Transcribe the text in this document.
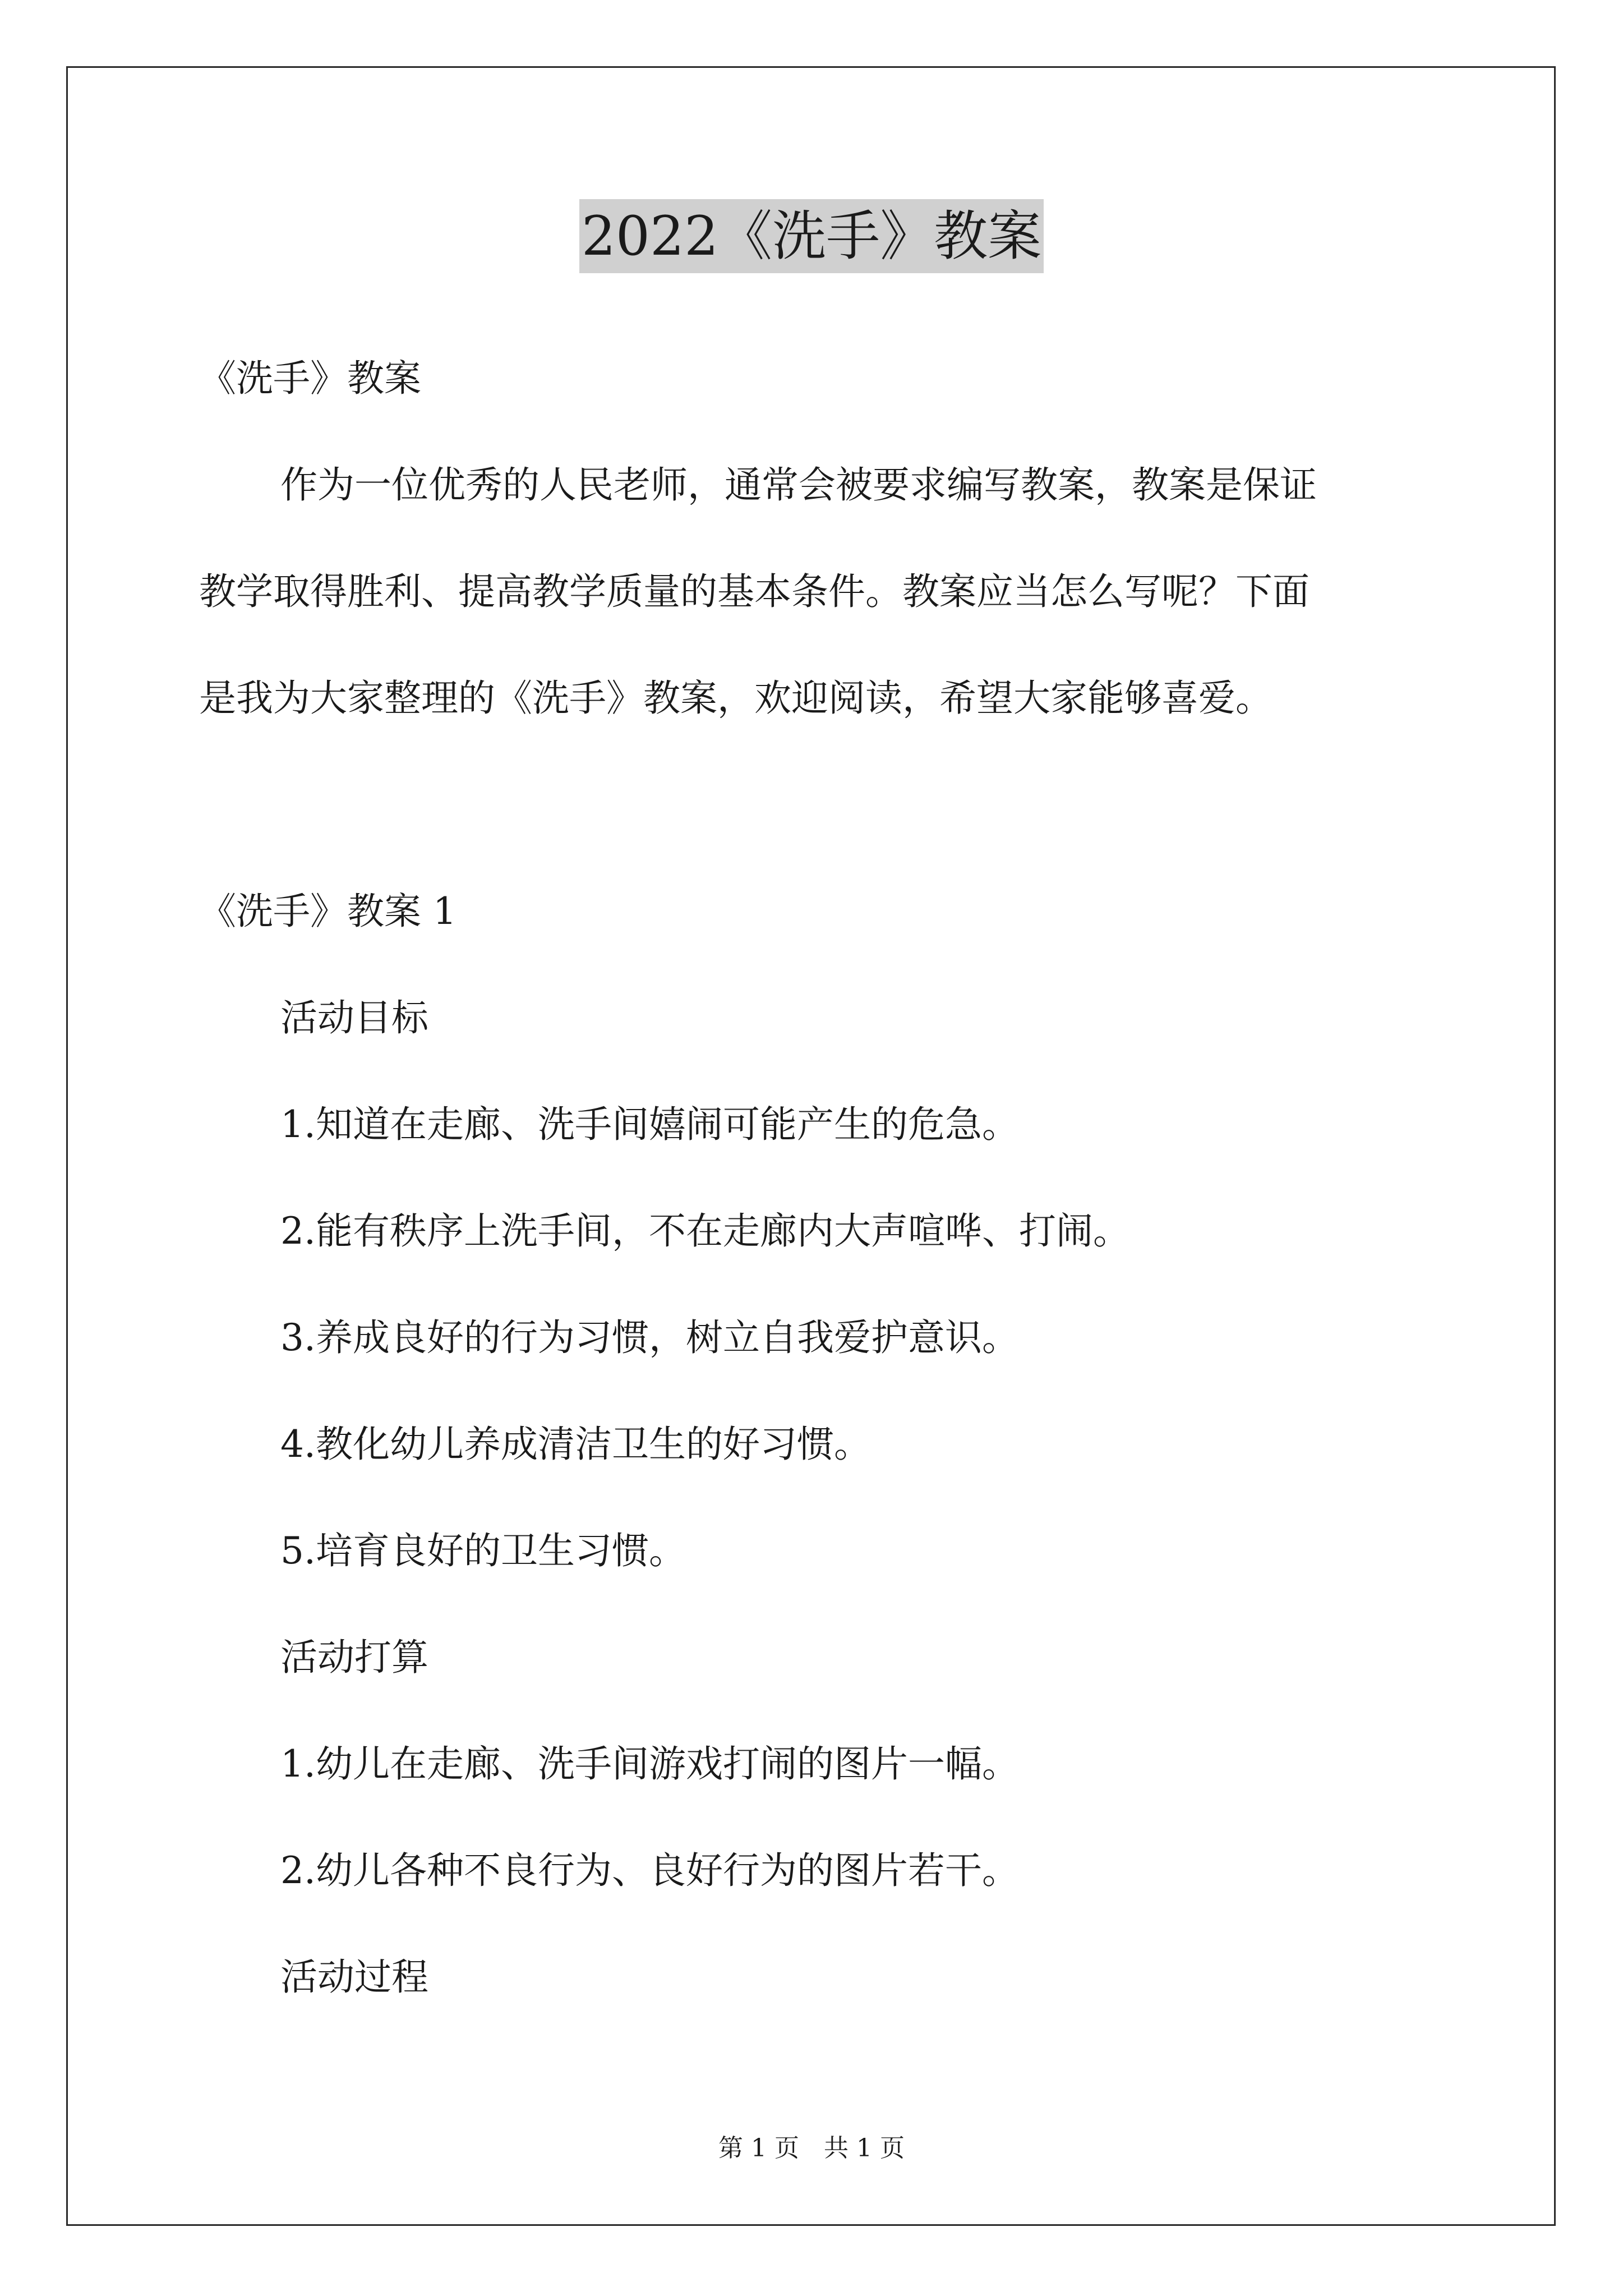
2022《洗手》教案
《洗手》教案
作为一位优秀的人民老师，通常会被要求编写教案，教案是保证
教学取得胜利、提高教学质量的基本条件。教案应当怎么写呢？下面
是我为大家整理的《洗手》教案，欢迎阅读，希望大家能够喜爱。
《洗手》教案 1
活动目标
1.知道在走廊、洗手间嬉闹可能产生的危急。
2.能有秩序上洗手间，不在走廊内大声喧哗、打闹。
3.养成良好的行为习惯，树立自我爱护意识。
4.教化幼儿养成清洁卫生的好习惯。
5.培育良好的卫生习惯。
活动打算
1.幼儿在走廊、洗手间游戏打闹的图片一幅。
2.幼儿各种不良行为、良好行为的图片若干。
活动过程
第 1 页　共 1 页
